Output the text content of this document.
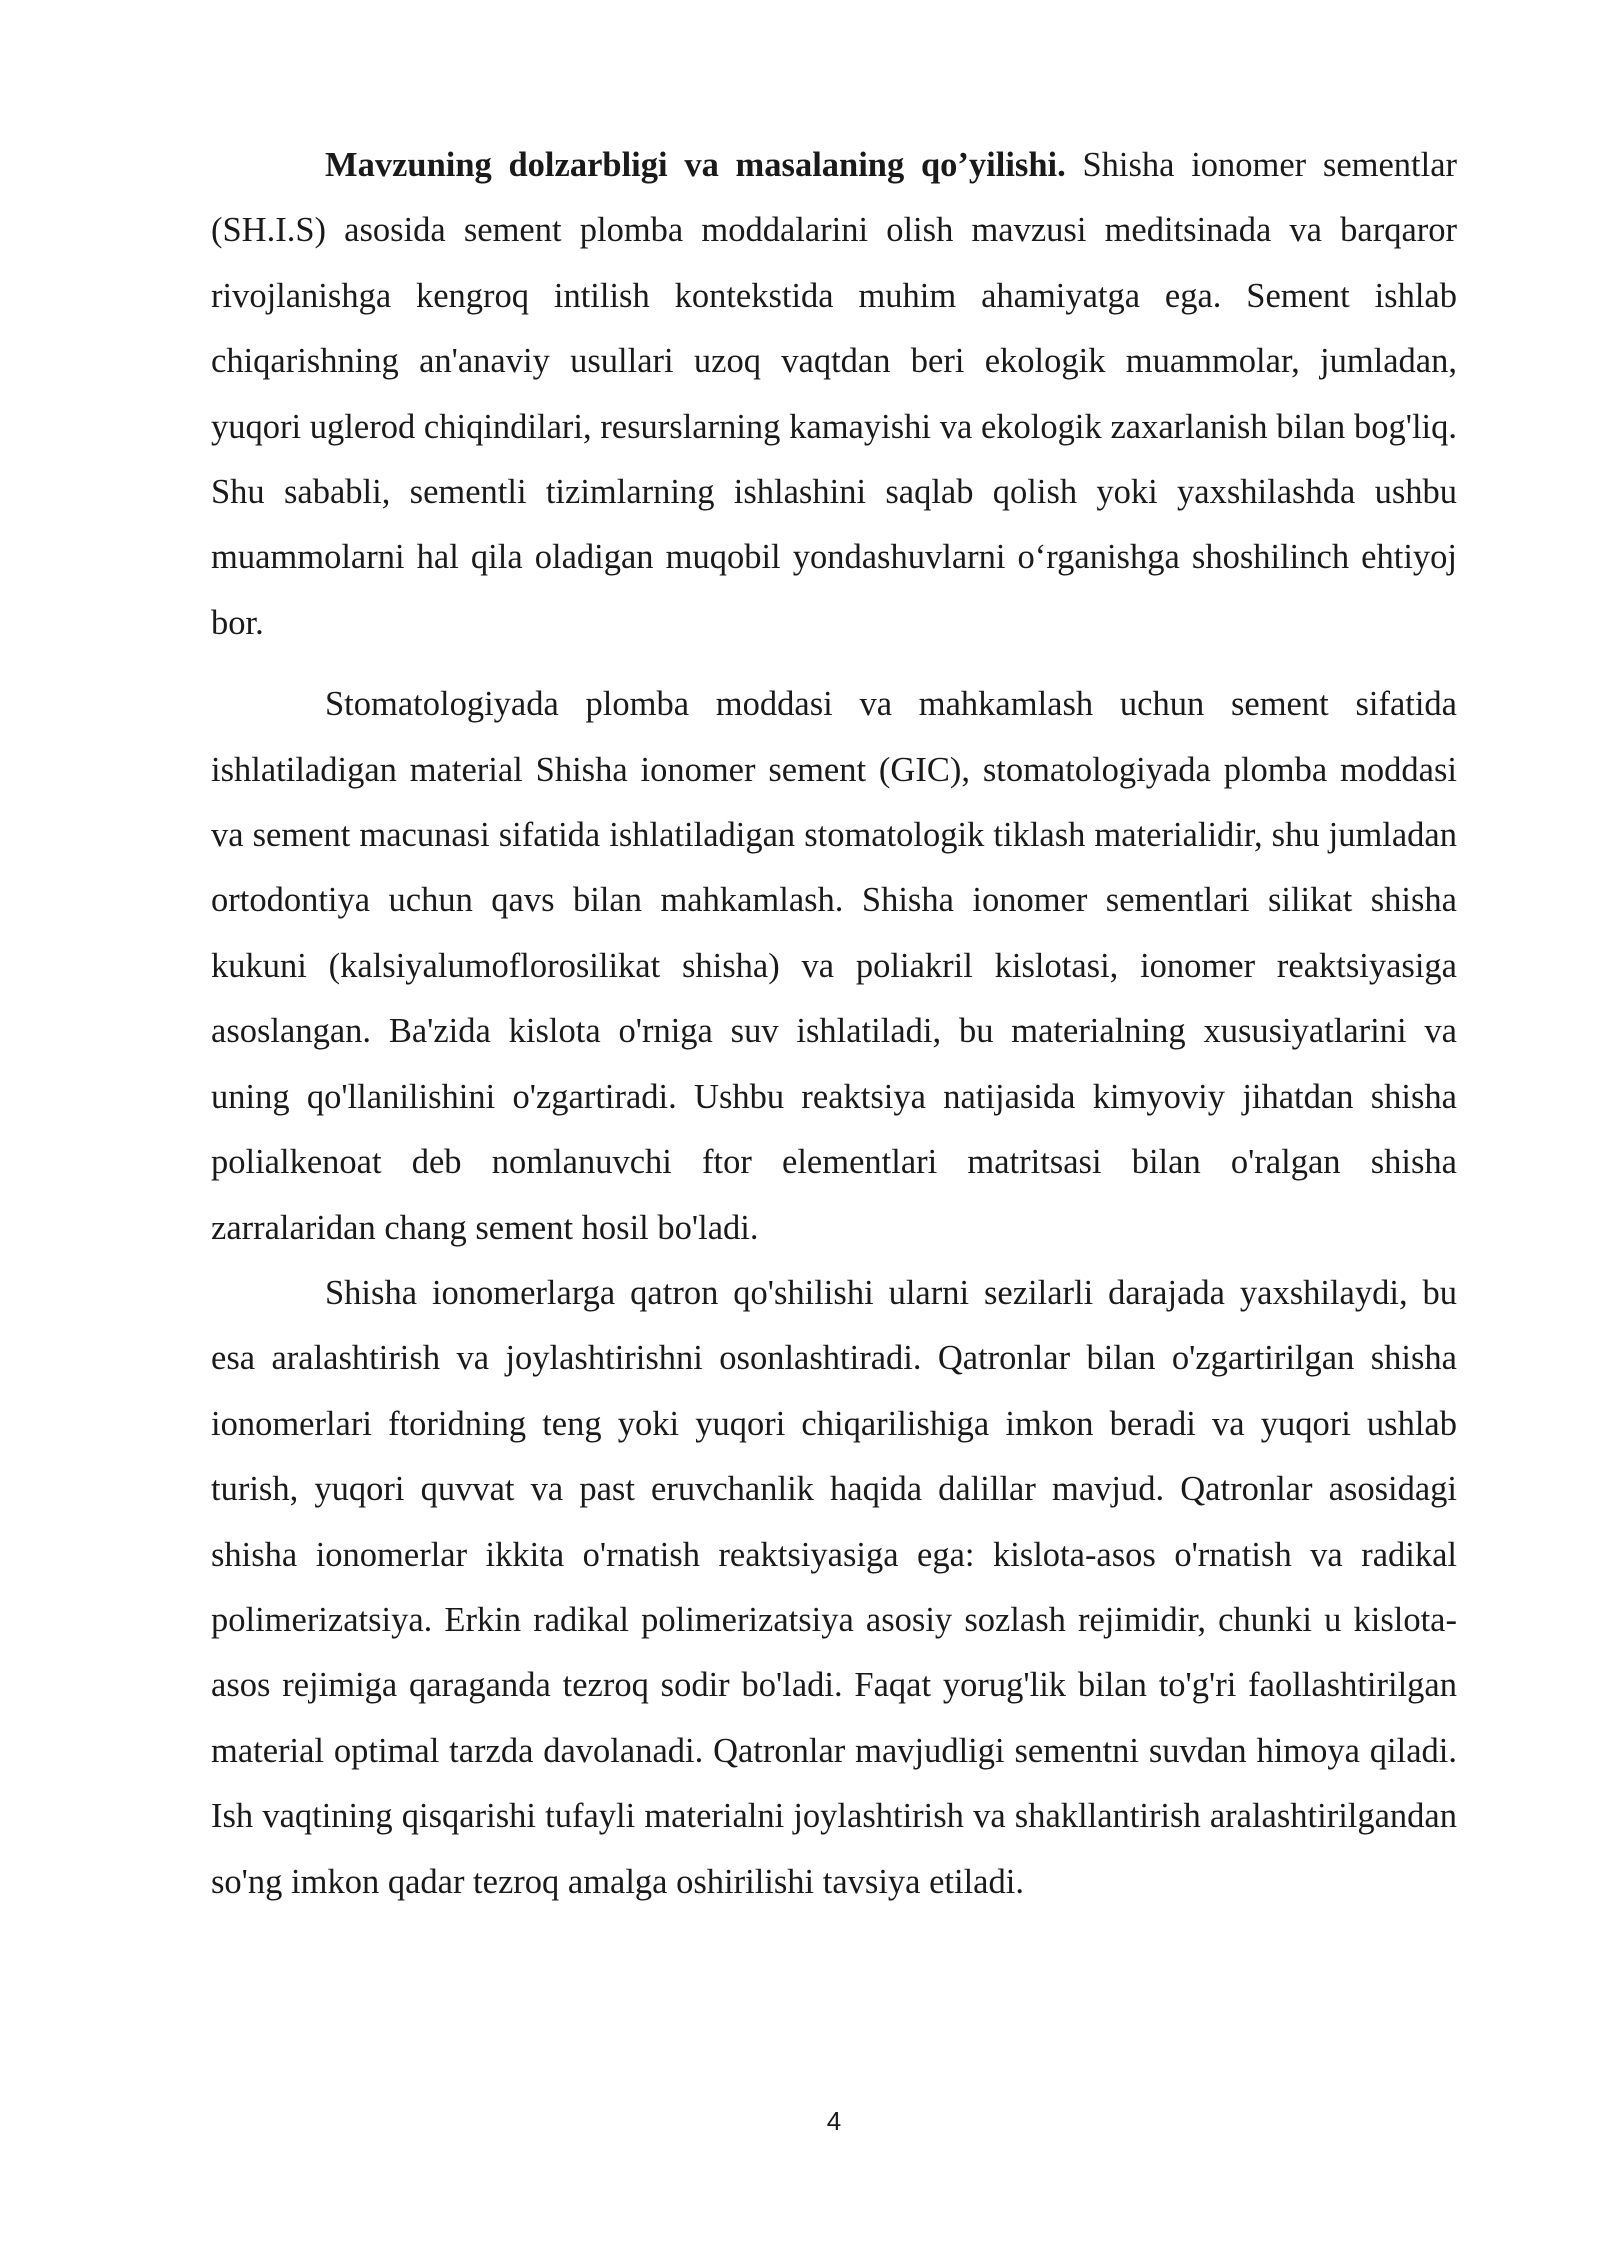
Mavzuning dolzarbligi va masalaning qo’yilishi. Shisha ionomer sementlar (SH.I.S) asosida sement plomba moddalarini olish mavzusi meditsinada va barqaror rivojlanishga kengroq intilish kontekstida muhim ahamiyatga ega. Sement ishlab chiqarishning an'anaviy usullari uzoq vaqtdan beri ekologik muammolar, jumladan, yuqori uglerod chiqindilari, resurslarning kamayishi va ekologik zaxarlanish bilan bog'liq. Shu sababli, sementli tizimlarning ishlashini saqlab qolish yoki yaxshilashda ushbu muammolarni hal qila oladigan muqobil yondashuvlarni o‘rganishga shoshilinch ehtiyoj bor.

Stomatologiyada plomba moddasi va mahkamlash uchun sement sifatida ishlatiladigan material Shisha ionomer sement (GIC), stomatologiyada plomba moddasi va sement macunasi sifatida ishlatiladigan stomatologik tiklash materialidir, shu jumladan ortodontiya uchun qavs bilan mahkamlash. Shisha ionomer sementlari silikat shisha kukuni (kalsiyalumoflorosilikat shisha) va poliakril kislotasi, ionomer reaktsiyasiga asoslangan. Ba'zida kislota o'rniga suv ishlatiladi, bu materialning xususiyatlarini va uning qo'llanilishini o'zgartiradi. Ushbu reaktsiya natijasida kimyoviy jihatdan shisha polialkenoat deb nomlanuvchi ftor elementlari matritsasi bilan o'ralgan shisha zarralaridan chang sement hosil bo'ladi.

Shisha ionomerlarga qatron qo'shilishi ularni sezilarli darajada yaxshilaydi, bu esa aralashtirish va joylashtirishni osonlashtiradi. Qatronlar bilan o'zgartirilgan shisha ionomerlari ftoridning teng yoki yuqori chiqarilishiga imkon beradi va yuqori ushlab turish, yuqori quvvat va past eruvchanlik haqida dalillar mavjud. Qatronlar asosidagi shisha ionomerlar ikkita o'rnatish reaktsiyasiga ega: kislota-asos o'rnatish va radikal polimerizatsiya. Erkin radikal polimerizatsiya asosiy sozlash rejimidir, chunki u kislota-asos rejimiga qaraganda tezroq sodir bo'ladi. Faqat yorug'lik bilan to'g'ri faollashtirilgan material optimal tarzda davolanadi. Qatronlar mavjudligi sementni suvdan himoya qiladi. Ish vaqtining qisqarishi tufayli materialni joylashtirish va shakllantirish aralashtirilgandan so'ng imkon qadar tezroq amalga oshirilishi tavsiya etiladi.

4
